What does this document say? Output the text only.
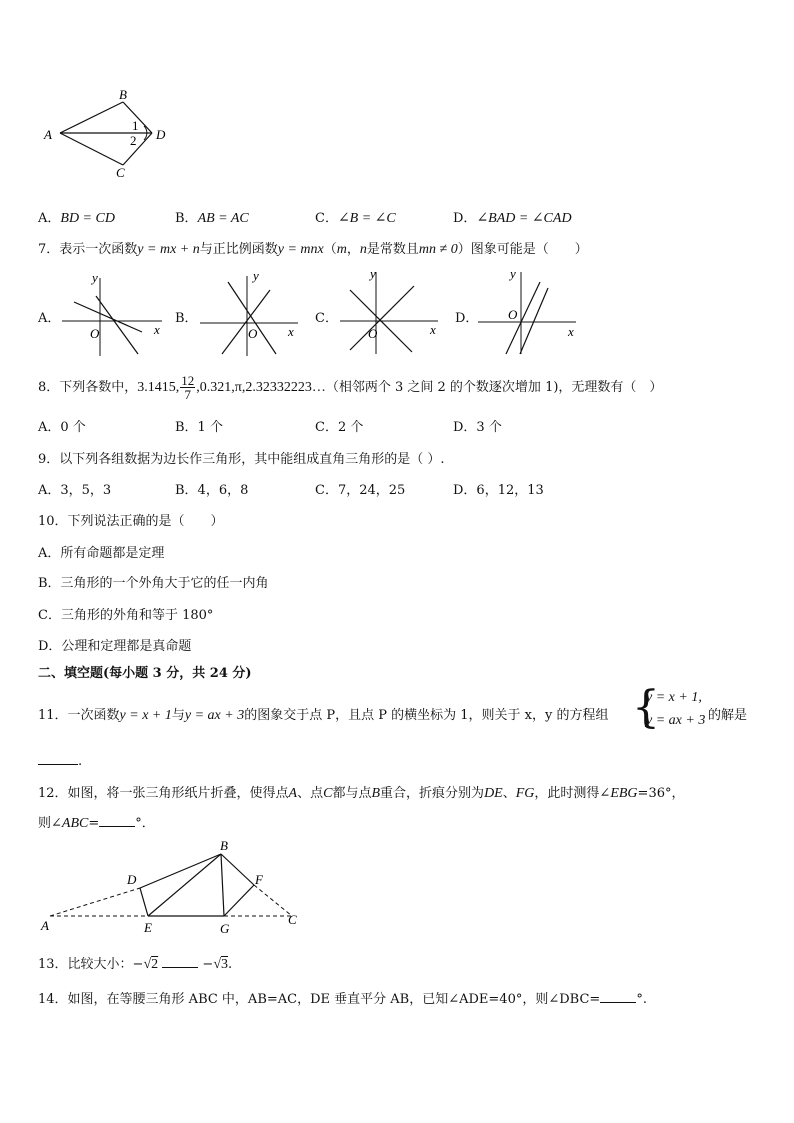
B
A	D
C
1
2
A．BD = CD	B．AB = AC	C．∠B = ∠C	D．∠BAD = ∠CAD
7．表示一次函数y = mx + n与正比例函数y = mnx（m，n是常数且mn ≠ 0）图象可能是（　　）
A．
y
x
O
B．
y
x
O
C．
y
x
O
D．
y
x
O
8．下列各数中，3.1415, $\frac{12}{7}$ ,0.321,π,2.32332223…（相邻两个 3 之间 2 的个数逐次增加 1)，无理数有（　）
A．0 个	B．1 个	C．2 个	D．3 个
9．以下列各组数据为边长作三角形，其中能组成直角三角形的是（ ）.
A．3，5，3	B．4，6，8	C．7，24，25	D．6，12，13
10．下列说法正确的是（　　）
A．所有命题都是定理
B．三角形的一个外角大于它的任一内角
C．三角形的外角和等于 180°
D．公理和定理都是真命题
二、填空题(每小题 3 分，共 24 分)
11．一次函数y = x + 1与y = ax + 3的图象交于点 P，且点 P 的横坐标为 1，则关于 x，y 的方程组 {
y = x + 1,
y = ax + 3 的解是
.
12．如图，将一张三角形纸片折叠，使得点A、点C都与点B重合，折痕分别为DE、FG，此时测得∠EBG=36°，
则∠ABC=	°．
B
D	F
A	E	G
C
13．比较大小：−√2	−√3.
14．如图，在等腰三角形 ABC 中，AB=AC，DE 垂直平分 AB，已知∠ADE=40°，则∠DBC=	°.
